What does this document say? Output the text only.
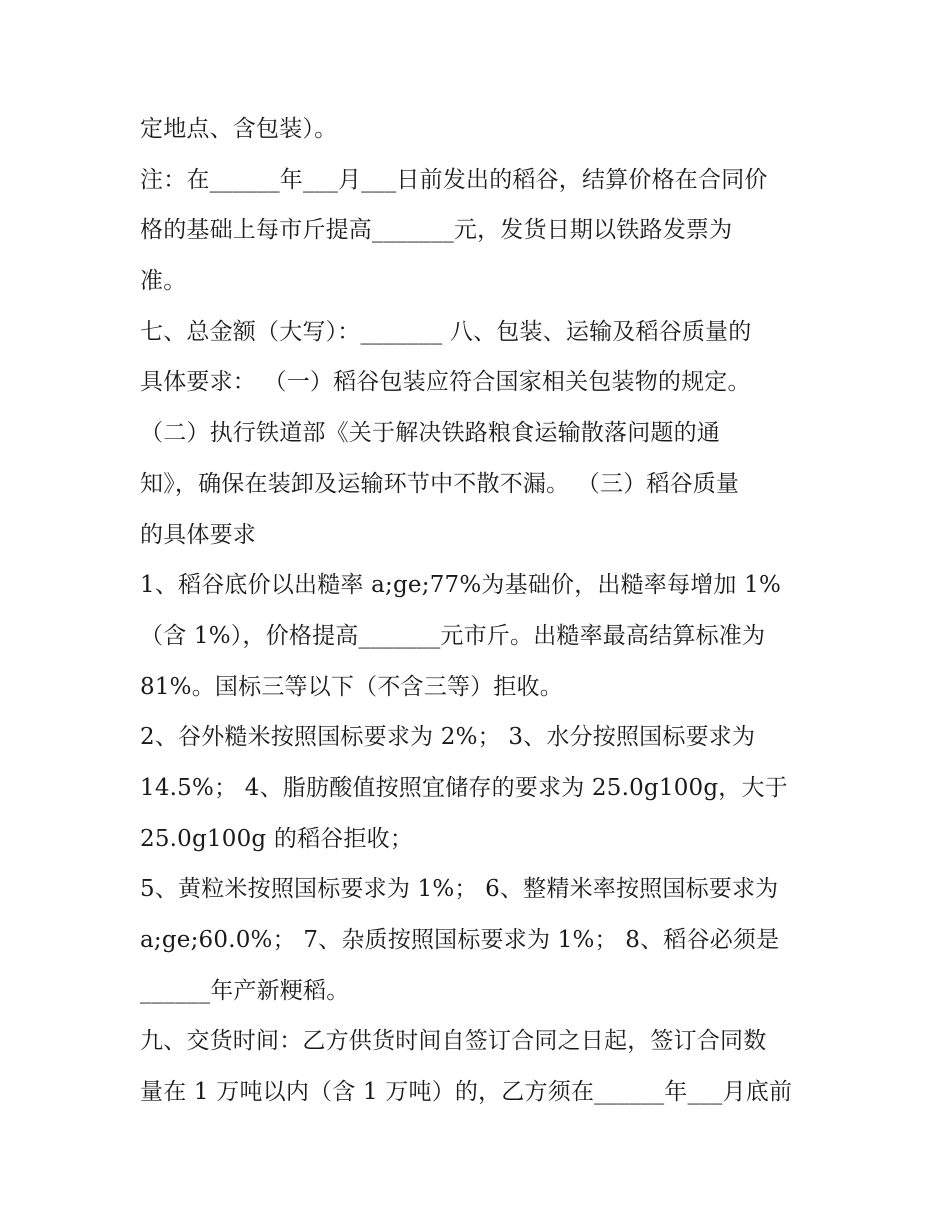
定地点、含包装）。
注：在______年___月___日前发出的稻谷，结算价格在合同价
格的基础上每市斤提高_______元，发货日期以铁路发票为
准。
七、总金额（大写）：_______ 八、包装、运输及稻谷质量的
具体要求： （一）稻谷包装应符合国家相关包装物的规定。
（二）执行铁道部《关于解决铁路粮食运输散落问题的通
知》，确保在装卸及运输环节中不散不漏。 （三）稻谷质量
的具体要求
1、稻谷底价以出糙率 a;ge;77%为基础价，出糙率每增加 1%
（含 1%），价格提高_______元市斤。出糙率最高结算标准为
81%。国标三等以下（不含三等）拒收。
2、谷外糙米按照国标要求为 2%； 3、水分按照国标要求为
14.5%； 4、脂肪酸值按照宜储存的要求为 25.0g100g，大于
25.0g100g 的稻谷拒收；
5、黄粒米按照国标要求为 1%； 6、整精米率按照国标要求为
a;ge;60.0%； 7、杂质按照国标要求为 1%； 8、稻谷必须是
______年产新粳稻。
九、交货时间：乙方供货时间自签订合同之日起，签订合同数
量在 1 万吨以内（含 1 万吨）的，乙方须在______年___月底前
